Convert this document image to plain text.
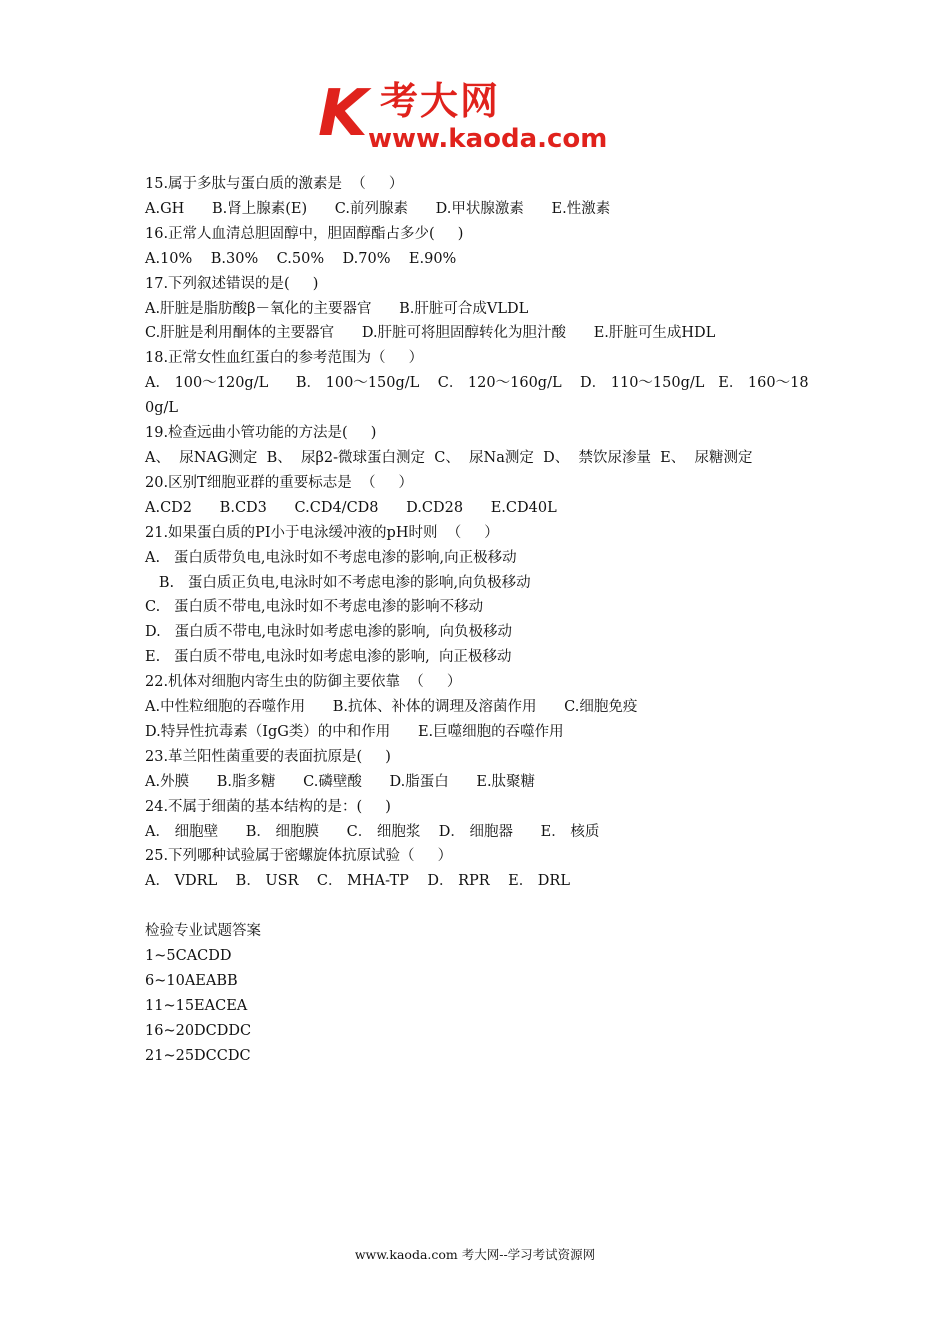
K 考大网
www.kaoda.com

15.属于多肽与蛋白质的激素是  （     ）

A.GH      B.肾上腺素(E)      C.前列腺素      D.甲状腺激素      E.性激素

16.正常人血清总胆固醇中，胆固醇酯占多少(     )

A.10%    B.30%    C.50%    D.70%    E.90%

17.下列叙述错误的是(     )

A.肝脏是脂肪酸β－氧化的主要器官      B.肝脏可合成VLDL

C.肝脏是利用酮体的主要器官      D.肝脏可将胆固醇转化为胆汁酸      E.肝脏可生成HDL

18.正常女性血红蛋白的参考范围为（     ）

A． 100～120g/L      B． 100～150g/L    C． 120～160g/L    D． 110～150g/L   E． 160～180g/L

19.检查远曲小管功能的方法是(     )

A、  尿NAG测定  B、  尿β2-微球蛋白测定  C、  尿Na测定  D、  禁饮尿渗量  E、  尿糖测定

20.区别T细胞亚群的重要标志是  （     ）

A.CD2      B.CD3      C.CD4/CD8      D.CD28      E.CD40L

21.如果蛋白质的PI小于电泳缓冲液的pH时则  （     ）

A.   蛋白质带负电,电泳时如不考虑电渗的影响,向正极移动

B.   蛋白质正负电,电泳时如不考虑电渗的影响,向负极移动

C.   蛋白质不带电,电泳时如不考虑电渗的影响不移动

D.   蛋白质不带电,电泳时如考虑电渗的影响,  向负极移动

E.   蛋白质不带电,电泳时如考虑电渗的影响,  向正极移动

22.机体对细胞内寄生虫的防御主要依靠  （     ）

A.中性粒细胞的吞噬作用      B.抗体、补体的调理及溶菌作用      C.细胞免疫

D.特异性抗毒素（IgG类）的中和作用      E.巨噬细胞的吞噬作用

23.革兰阳性菌重要的表面抗原是(     )

A.外膜      B.脂多糖      C.磷壁酸      D.脂蛋白      E.肽聚糖

24.不属于细菌的基本结构的是：(     )

A． 细胞壁      B． 细胞膜      C． 细胞浆    D． 细胞器      E． 核质

25.下列哪种试验属于密螺旋体抗原试验（     ）

A． VDRL    B． USR    C． MHA-TP    D． RPR    E． DRL

检验专业试题答案

1~5CACDD

6~10AEABB

11~15EACEA

16~20DCDDC

21~25DCCDC

www.kaoda.com 考大网--学习考试资源网
